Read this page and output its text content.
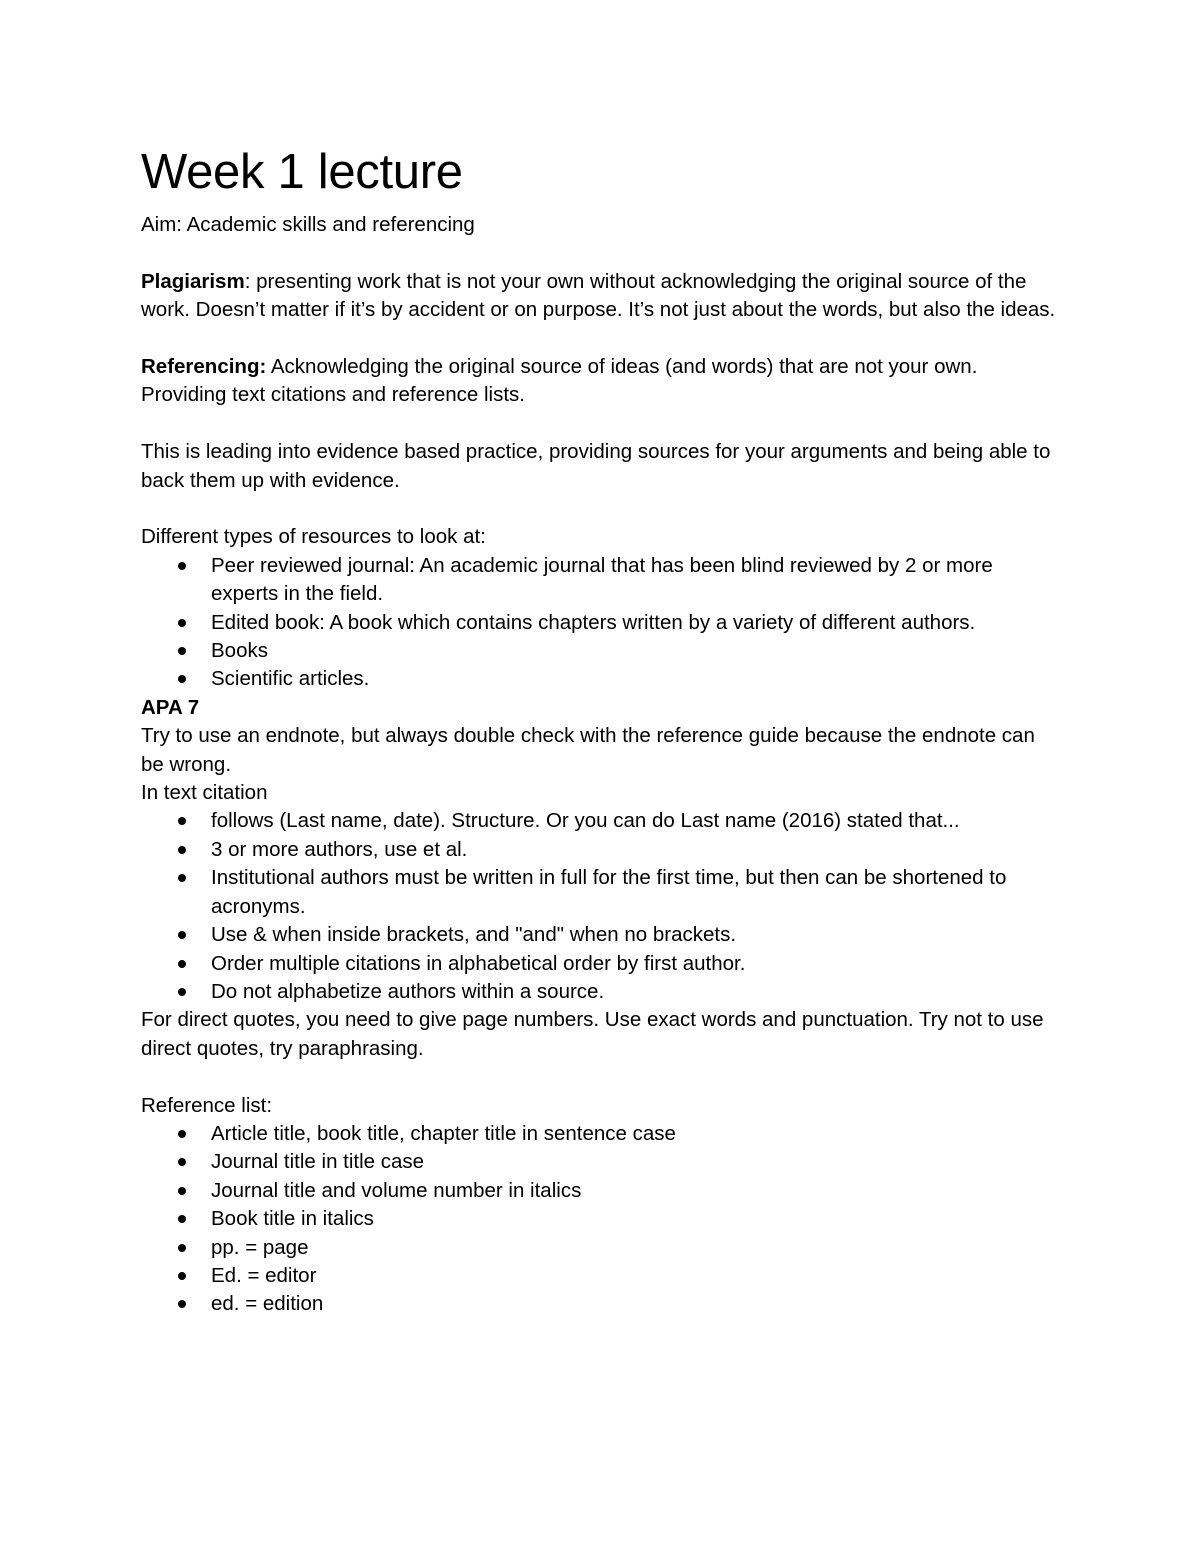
Week 1 lecture

Aim: Academic skills and referencing

Plagiarism: presenting work that is not your own without acknowledging the original source of the work. Doesn’t matter if it’s by accident or on purpose. It’s not just about the words, but also the ideas.

Referencing: Acknowledging the original source of ideas (and words) that are not your own. Providing text citations and reference lists.

This is leading into evidence based practice, providing sources for your arguments and being able to back them up with evidence.

Different types of resources to look at:

Peer reviewed journal: An academic journal that has been blind reviewed by 2 or more experts in the field.
Edited book: A book which contains chapters written by a variety of different authors.
Books
Scientific articles.

APA 7

Try to use an endnote, but always double check with the reference guide because the endnote can be wrong.

In text citation

follows (Last name, date). Structure. Or you can do Last name (2016) stated that...
3 or more authors, use et al.
Institutional authors must be written in full for the first time, but then can be shortened to acronyms.
Use & when inside brackets, and "and" when no brackets.
Order multiple citations in alphabetical order by first author.
Do not alphabetize authors within a source.

For direct quotes, you need to give page numbers. Use exact words and punctuation. Try not to use direct quotes, try paraphrasing.

Reference list:

Article title, book title, chapter title in sentence case
Journal title in title case
Journal title and volume number in italics
Book title in italics
pp. = page
Ed. = editor
ed. = edition
